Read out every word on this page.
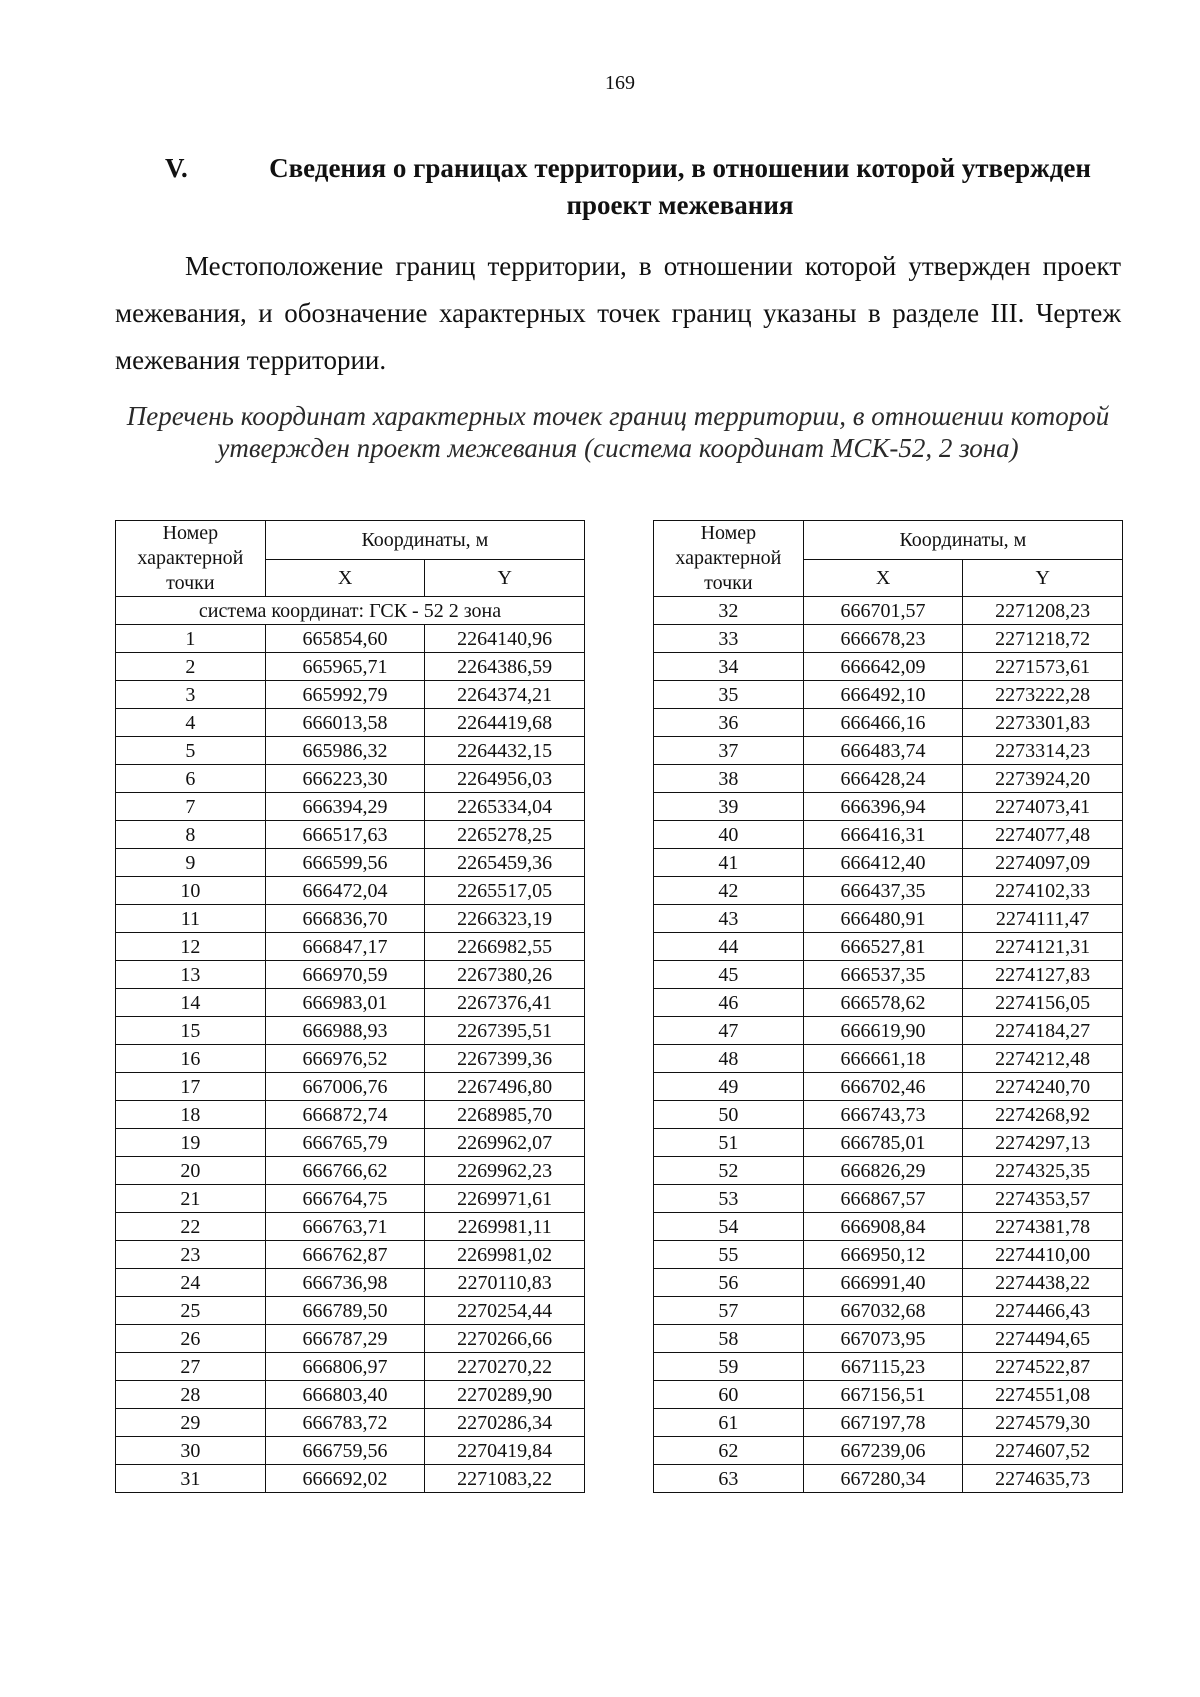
169
V.	Сведения о границах территории, в отношении которой утвержден проект межевания

Местоположение границ территории, в отношении которой утвержден проект межевания, и обозначение характерных точек границ указаны в разделе III. Чертеж межевания территории.

Перечень координат характерных точек границ территории, в отношении которой утвержден проект межевания (система координат МСК-52, 2 зона)
Номер характерной точки	Координаты, м	
	X	Y
система координат: ГСК - 52 2 зона		
1	665854,60	2264140,96
2	665965,71	2264386,59
3	665992,79	2264374,21
4	666013,58	2264419,68
5	665986,32	2264432,15
6	666223,30	2264956,03
7	666394,29	2265334,04
8	666517,63	2265278,25
9	666599,56	2265459,36
10	666472,04	2265517,05
11	666836,70	2266323,19
12	666847,17	2266982,55
13	666970,59	2267380,26
14	666983,01	2267376,41
15	666988,93	2267395,51
16	666976,52	2267399,36
17	667006,76	2267496,80
18	666872,74	2268985,70
19	666765,79	2269962,07
20	666766,62	2269962,23
21	666764,75	2269971,61
22	666763,71	2269981,11
23	666762,87	2269981,02
24	666736,98	2270110,83
25	666789,50	2270254,44
26	666787,29	2270266,66
27	666806,97	2270270,22
28	666803,40	2270289,90
29	666783,72	2270286,34
30	666759,56	2270419,84
31	666692,02	2271083,22
Номер характерной точки	Координаты, м	
	X	Y
32	666701,57	2271208,23
33	666678,23	2271218,72
34	666642,09	2271573,61
35	666492,10	2273222,28
36	666466,16	2273301,83
37	666483,74	2273314,23
38	666428,24	2273924,20
39	666396,94	2274073,41
40	666416,31	2274077,48
41	666412,40	2274097,09
42	666437,35	2274102,33
43	666480,91	2274111,47
44	666527,81	2274121,31
45	666537,35	2274127,83
46	666578,62	2274156,05
47	666619,90	2274184,27
48	666661,18	2274212,48
49	666702,46	2274240,70
50	666743,73	2274268,92
51	666785,01	2274297,13
52	666826,29	2274325,35
53	666867,57	2274353,57
54	666908,84	2274381,78
55	666950,12	2274410,00
56	666991,40	2274438,22
57	667032,68	2274466,43
58	667073,95	2274494,65
59	667115,23	2274522,87
60	667156,51	2274551,08
61	667197,78	2274579,30
62	667239,06	2274607,52
63	667280,34	2274635,73
